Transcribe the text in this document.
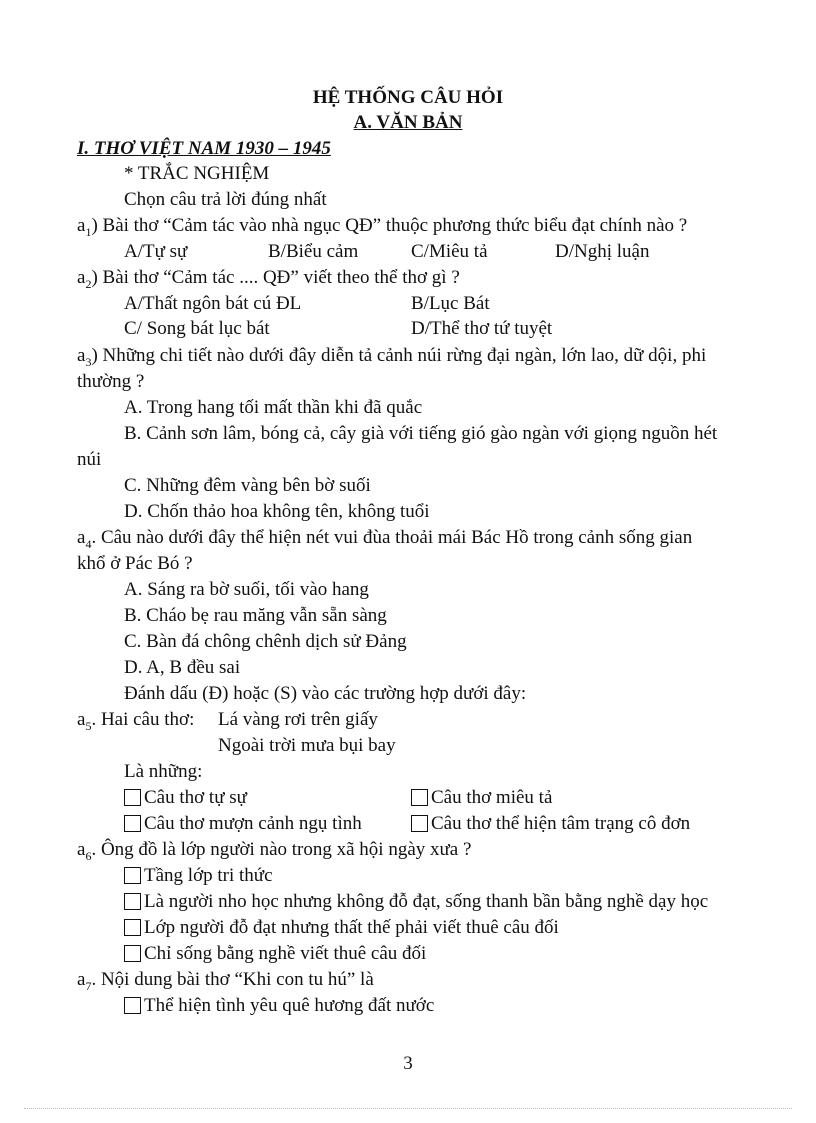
HỆ THỐNG CÂU HỎI
A. VĂN BẢN
I. THƠ VIỆT NAM 1930 – 1945
* TRẮC NGHIỆM
Chọn câu trả lời đúng nhất
$a_1$) Bài thơ “Cảm tác vào nhà ngục QĐ” thuộc phương thức biểu đạt chính nào ?
A/Tự sự	B/Biểu cảm	C/Miêu tả	D/Nghị luận
$a_2$) Bài thơ “Cảm tác .... QĐ” viết theo thể thơ gì ?
A/Thất ngôn bát cú ĐL	B/Lục Bát
C/ Song bát lục bát	D/Thể thơ tứ tuyệt
$a_3$) Những chi tiết nào dưới đây diễn tả cảnh núi rừng đại ngàn, lớn lao, dữ dội, phi
thường ?
A. Trong hang tối mất thần khi đã quắc
B. Cảnh sơn lâm, bóng cả, cây già với tiếng gió gào ngàn với giọng nguồn hét
núi
C. Những đêm vàng bên bờ suối
D. Chốn thảo hoa không tên, không tuổi
$a_4$. Câu nào dưới đây thể hiện nét vui đùa thoải mái Bác Hồ trong cảnh sống gian
khổ ở Pác Bó ?
A. Sáng ra bờ suối, tối vào hang
B. Cháo bẹ rau măng vẫn sẵn sàng
C. Bàn đá chông chênh dịch sử Đảng
D. A, B đều sai
Đánh dấu (Đ) hoặc (S) vào các trường hợp dưới đây:
$a_5$. Hai câu thơ: Lá vàng rơi trên giấy
Ngoài trời mưa bụi bay
Là những:
Câu thơ tự sự	Câu thơ miêu tả
Câu thơ mượn cảnh ngụ tình	Câu thơ thể hiện tâm trạng cô đơn
$a_6$. Ông đồ là lớp người nào trong xã hội ngày xưa ?
Tầng lớp tri thức
Là người nho học nhưng không đỗ đạt, sống thanh bần bằng nghề dạy học
Lớp người đỗ đạt nhưng thất thế phải viết thuê câu đối
Chỉ sống bằng nghề viết thuê câu đối
$a_7$. Nội dung bài thơ “Khi con tu hú” là
Thể hiện tình yêu quê hương đất nước
3
